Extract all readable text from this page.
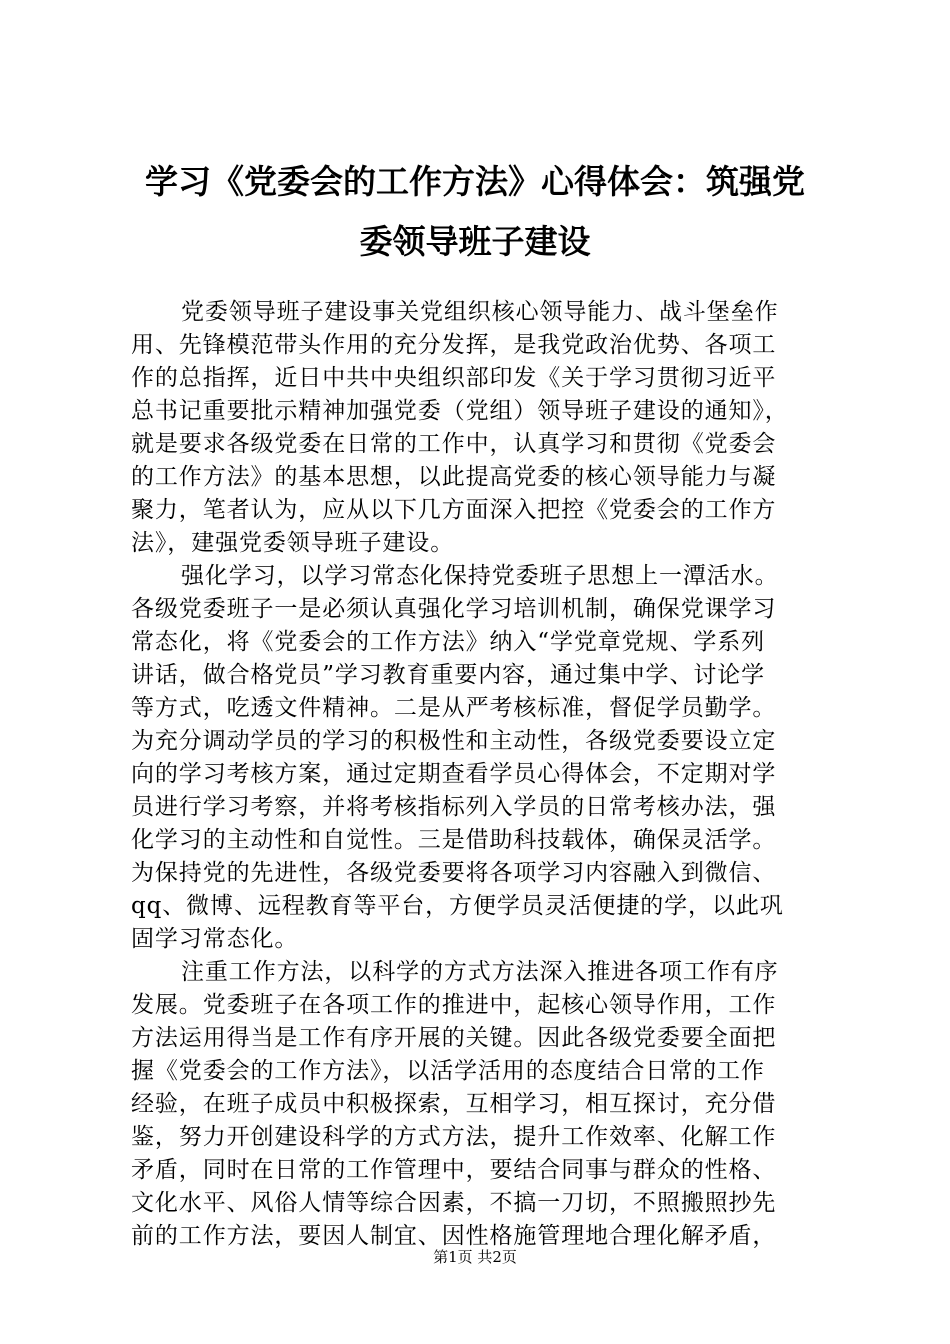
学习《党委会的工作方法》心得体会：筑强党
委领导班子建设

党委领导班子建设事关党组织核心领导能力、战斗堡垒作
用、先锋模范带头作用的充分发挥，是我党政治优势、各项工
作的总指挥，近日中共中央组织部印发《关于学习贯彻习近平
总书记重要批示精神加强党委（党组）领导班子建设的通知》，
就是要求各级党委在日常的工作中，认真学习和贯彻《党委会
的工作方法》的基本思想，以此提高党委的核心领导能力与凝
聚力，笔者认为，应从以下几方面深入把控《党委会的工作方
法》，建强党委领导班子建设。

强化学习，以学习常态化保持党委班子思想上一潭活水。
各级党委班子一是必须认真强化学习培训机制，确保党课学习
常态化，将《党委会的工作方法》纳入“学党章党规、学系列
讲话，做合格党员”学习教育重要内容，通过集中学、讨论学
等方式，吃透文件精神。二是从严考核标准，督促学员勤学。
为充分调动学员的学习的积极性和主动性，各级党委要设立定
向的学习考核方案，通过定期查看学员心得体会，不定期对学
员进行学习考察，并将考核指标列入学员的日常考核办法，强
化学习的主动性和自觉性。三是借助科技载体，确保灵活学。
为保持党的先进性，各级党委要将各项学习内容融入到微信、
qq、微博、远程教育等平台，方便学员灵活便捷的学，以此巩
固学习常态化。

注重工作方法，以科学的方式方法深入推进各项工作有序
发展。党委班子在各项工作的推进中，起核心领导作用，工作
方法运用得当是工作有序开展的关键。因此各级党委要全面把
握《党委会的工作方法》，以活学活用的态度结合日常的工作
经验，在班子成员中积极探索，互相学习，相互探讨，充分借
鉴，努力开创建设科学的方式方法，提升工作效率、化解工作
矛盾，同时在日常的工作管理中，要结合同事与群众的性格、
文化水平、风俗人情等综合因素，不搞一刀切，不照搬照抄先
前的工作方法，要因人制宜、因性格施管理地合理化解矛盾，

第1页 共2页
